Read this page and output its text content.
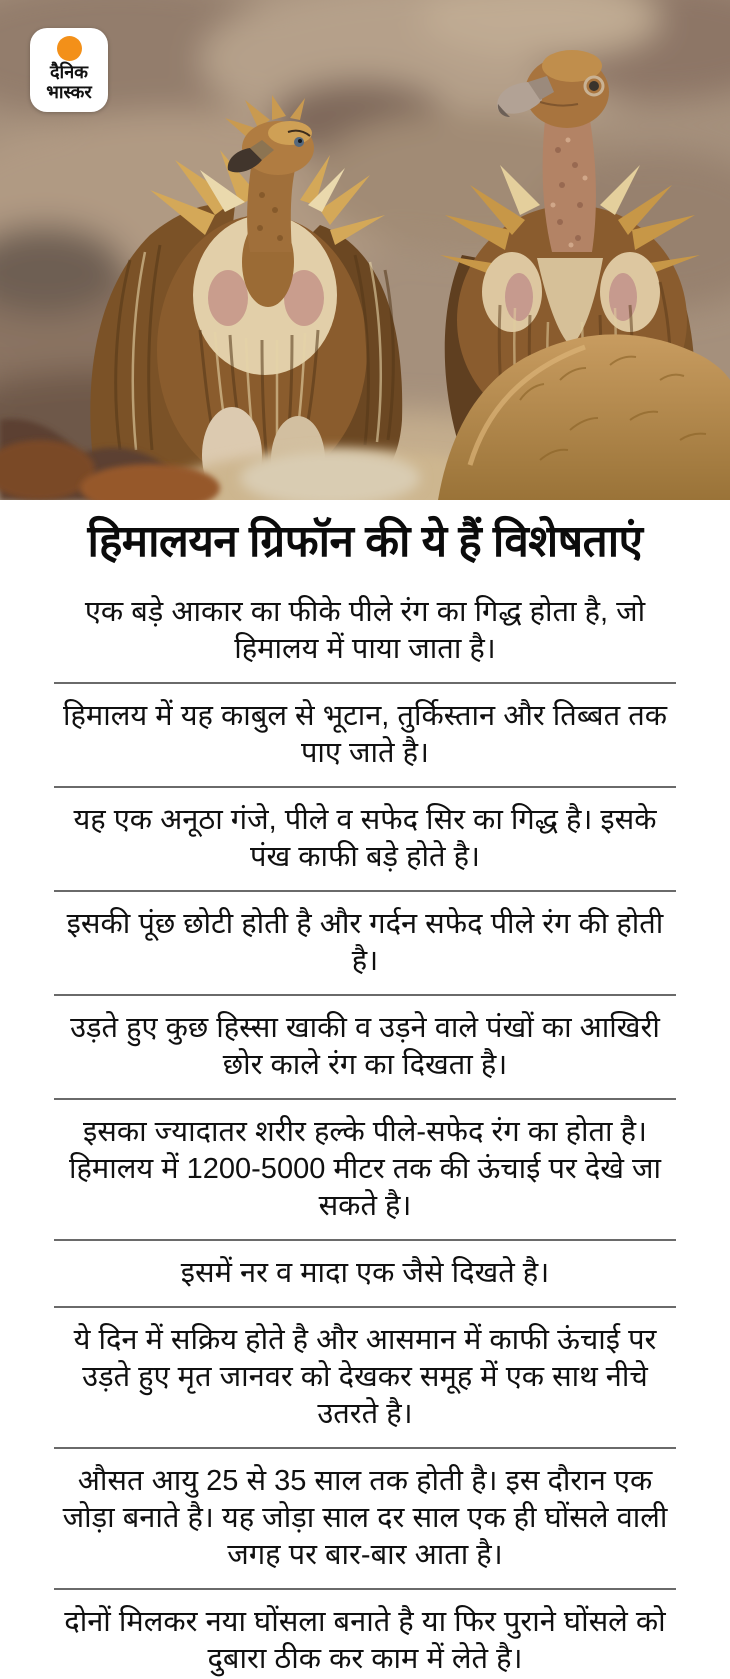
दैनिक
भास्कर
हिमालयन ग्रिफॉन की ये हैं विशेषताएं
एक बड़े आकार का फीके पीले रंग का गिद्ध होता है, जो हिमालय में पाया जाता है।
हिमालय में यह काबुल से भूटान, तुर्किस्तान और तिब्बत तक पाए जाते है।
यह एक अनूठा गंजे, पीले व सफेद सिर का गिद्ध है। इसके पंख काफी बड़े होते है।
इसकी पूंछ छोटी होती है और गर्दन सफेद पीले रंग की होती है।
उड़ते हुए कुछ हिस्सा खाकी व उड़ने वाले पंखों का आखिरी छोर काले रंग का दिखता है।
इसका ज्यादातर शरीर हल्के पीले-सफेद रंग का होता है। हिमालय में 1200-5000 मीटर तक की ऊंचाई पर देखे जा सकते है।
इसमें नर व मादा एक जैसे दिखते है।
ये दिन में सक्रिय होते है और आसमान में काफी ऊंचाई पर उड़ते हुए मृत जानवर को देखकर समूह में एक साथ नीचे उतरते है।
औसत आयु 25 से 35 साल तक होती है। इस दौरान एक जोड़ा बनाते है। यह जोड़ा साल दर साल एक ही घोंसले वाली जगह पर बार-बार आता है।
दोनों मिलकर नया घोंसला बनाते है या फिर पुराने घोंसले को दुबारा ठीक कर काम में लेते है।
